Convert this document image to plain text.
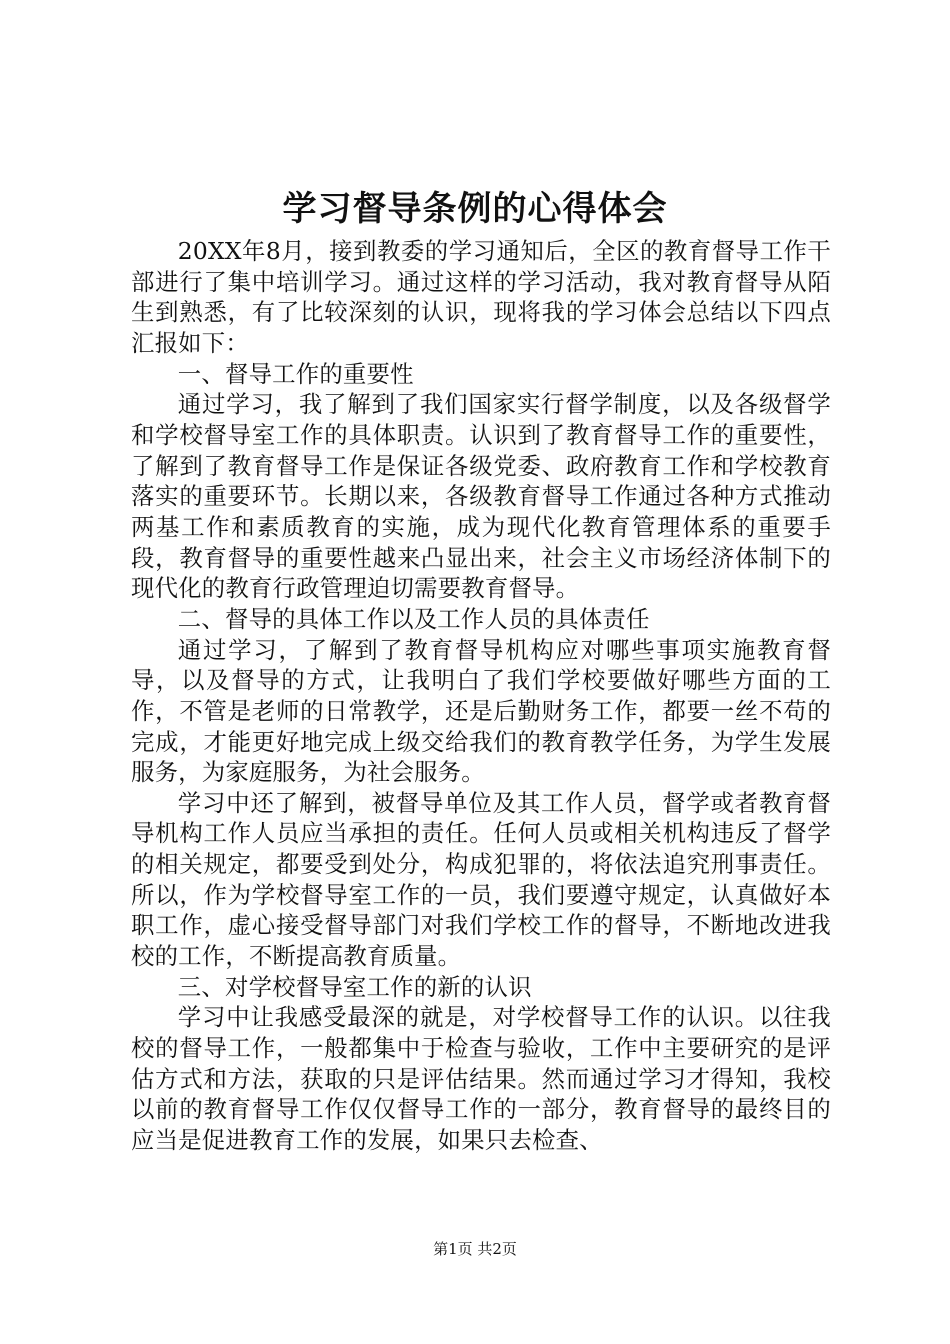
学习督导条例的心得体会

20XX年8月，接到教委的学习通知后，全区的教育督导工作干部进行了集中培训学习。通过这样的学习活动，我对教育督导从陌生到熟悉，有了比较深刻的认识，现将我的学习体会总结以下四点汇报如下：

一、督导工作的重要性

通过学习，我了解到了我们国家实行督学制度，以及各级督学和学校督导室工作的具体职责。认识到了教育督导工作的重要性，了解到了教育督导工作是保证各级党委、政府教育工作和学校教育落实的重要环节。长期以来，各级教育督导工作通过各种方式推动两基工作和素质教育的实施，成为现代化教育管理体系的重要手段，教育督导的重要性越来凸显出来，社会主义市场经济体制下的现代化的教育行政管理迫切需要教育督导。

二、督导的具体工作以及工作人员的具体责任

通过学习，了解到了教育督导机构应对哪些事项实施教育督导，以及督导的方式，让我明白了我们学校要做好哪些方面的工作，不管是老师的日常教学，还是后勤财务工作，都要一丝不苟的完成，才能更好地完成上级交给我们的教育教学任务，为学生发展服务，为家庭服务，为社会服务。

学习中还了解到，被督导单位及其工作人员，督学或者教育督导机构工作人员应当承担的责任。任何人员或相关机构违反了督学的相关规定，都要受到处分，构成犯罪的，将依法追究刑事责任。所以，作为学校督导室工作的一员，我们要遵守规定，认真做好本职工作，虚心接受督导部门对我们学校工作的督导，不断地改进我校的工作，不断提高教育质量。

三、对学校督导室工作的新的认识

学习中让我感受最深的就是，对学校督导工作的认识。以往我校的督导工作，一般都集中于检查与验收，工作中主要研究的是评估方式和方法，获取的只是评估结果。然而通过学习才得知，我校以前的教育督导工作仅仅督导工作的一部分，教育督导的最终目的应当是促进教育工作的发展，如果只去检查、

第1页 共2页
